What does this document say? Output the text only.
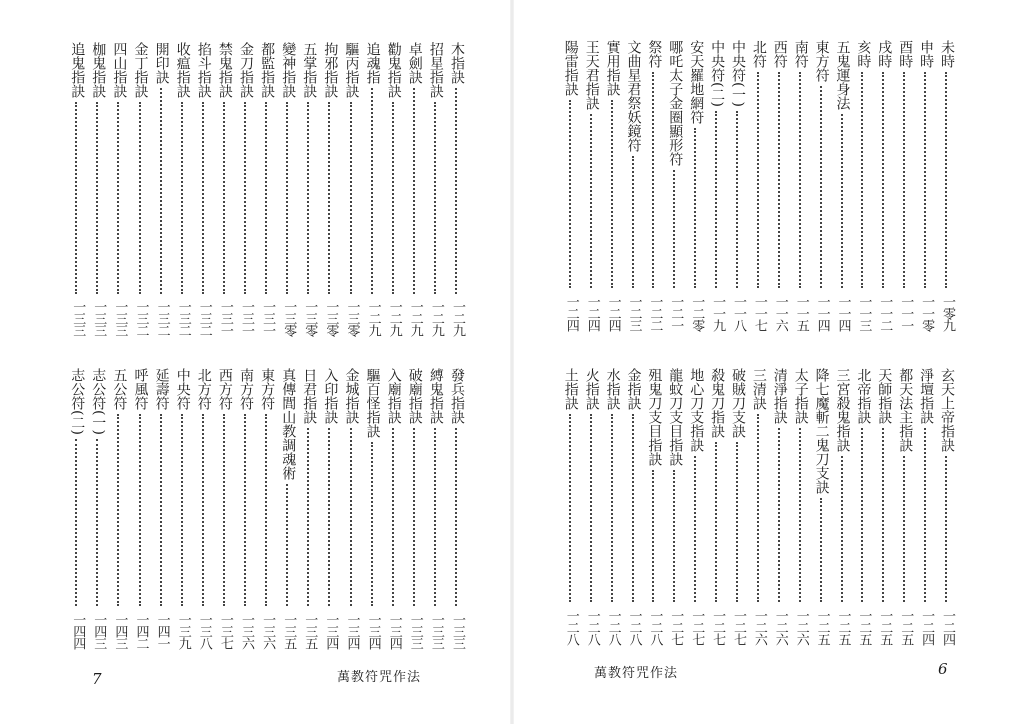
木指訣
一二九
招星指訣
一二九
卓劍訣
一二九
勸鬼指訣
一二九
追魂指
一二九
驅丙指訣
一三零
拘邪指訣
一三零
五掌指訣
一三零
變神指訣
一三零
都監指訣
一三一
金刀指訣
一三一
禁鬼指訣
一三一
掐斗指訣
一三二
收瘟指訣
一三二
開印訣
一三二
金丁指訣
一三二
四山指訣
一三三
枷鬼指訣
一三三
追鬼指訣
一三三
發兵指訣
一三三
縛鬼指訣
一三三
破廟指訣
一三三
入廟指訣
一三四
驅百怪指訣
一三四
金城指訣
一三四
入印指訣
一三四
日君指訣
一三五
真傳閭山教調魂術
一三五
東方符
一三六
南方符
一三六
西方符
一三七
北方符
一三八
中央符
一三九
延壽符
一四一
呼風符
一四二
五公符
一四三
志公符(一)
一四三
志公符(二)
一四四
萬教符咒作法
7
未時
一零九
申時
一一零
酉時
一一一
戌時
一一二
亥時
一一三
五鬼運身法
一一四
東方符
一一四
南符
一一五
西符
一一六
北符
一一七
中央符(一)
一一八
中央符(二)
一一九
安天羅地網符
一二零
哪吒太子金圈顯形符
一二一
祭符
一二二
文曲星君祭妖鏡符
一二三
實用指訣
一二四
王天君指訣
一二四
陽雷指訣
一二四
玄天上帝指訣
一二四
淨壇指訣
一二四
都天法主指訣
一二五
天師指訣
一二五
北帝指訣
一二五
三宮殺鬼指訣
一二五
降七魔斬二鬼刀支訣
一二五
太子指訣
一二六
清淨指訣
一二六
三清訣
一二六
破賊刀支訣
一二七
殺鬼刀指訣
一二七
地心刀支指訣
一二七
龍蚊刀支目指訣
一二七
殂鬼刀支目指訣
一二八
金指訣
一二八
水指訣
一二八
火指訣
一二八
土指訣
一二八
萬教符咒作法	6
